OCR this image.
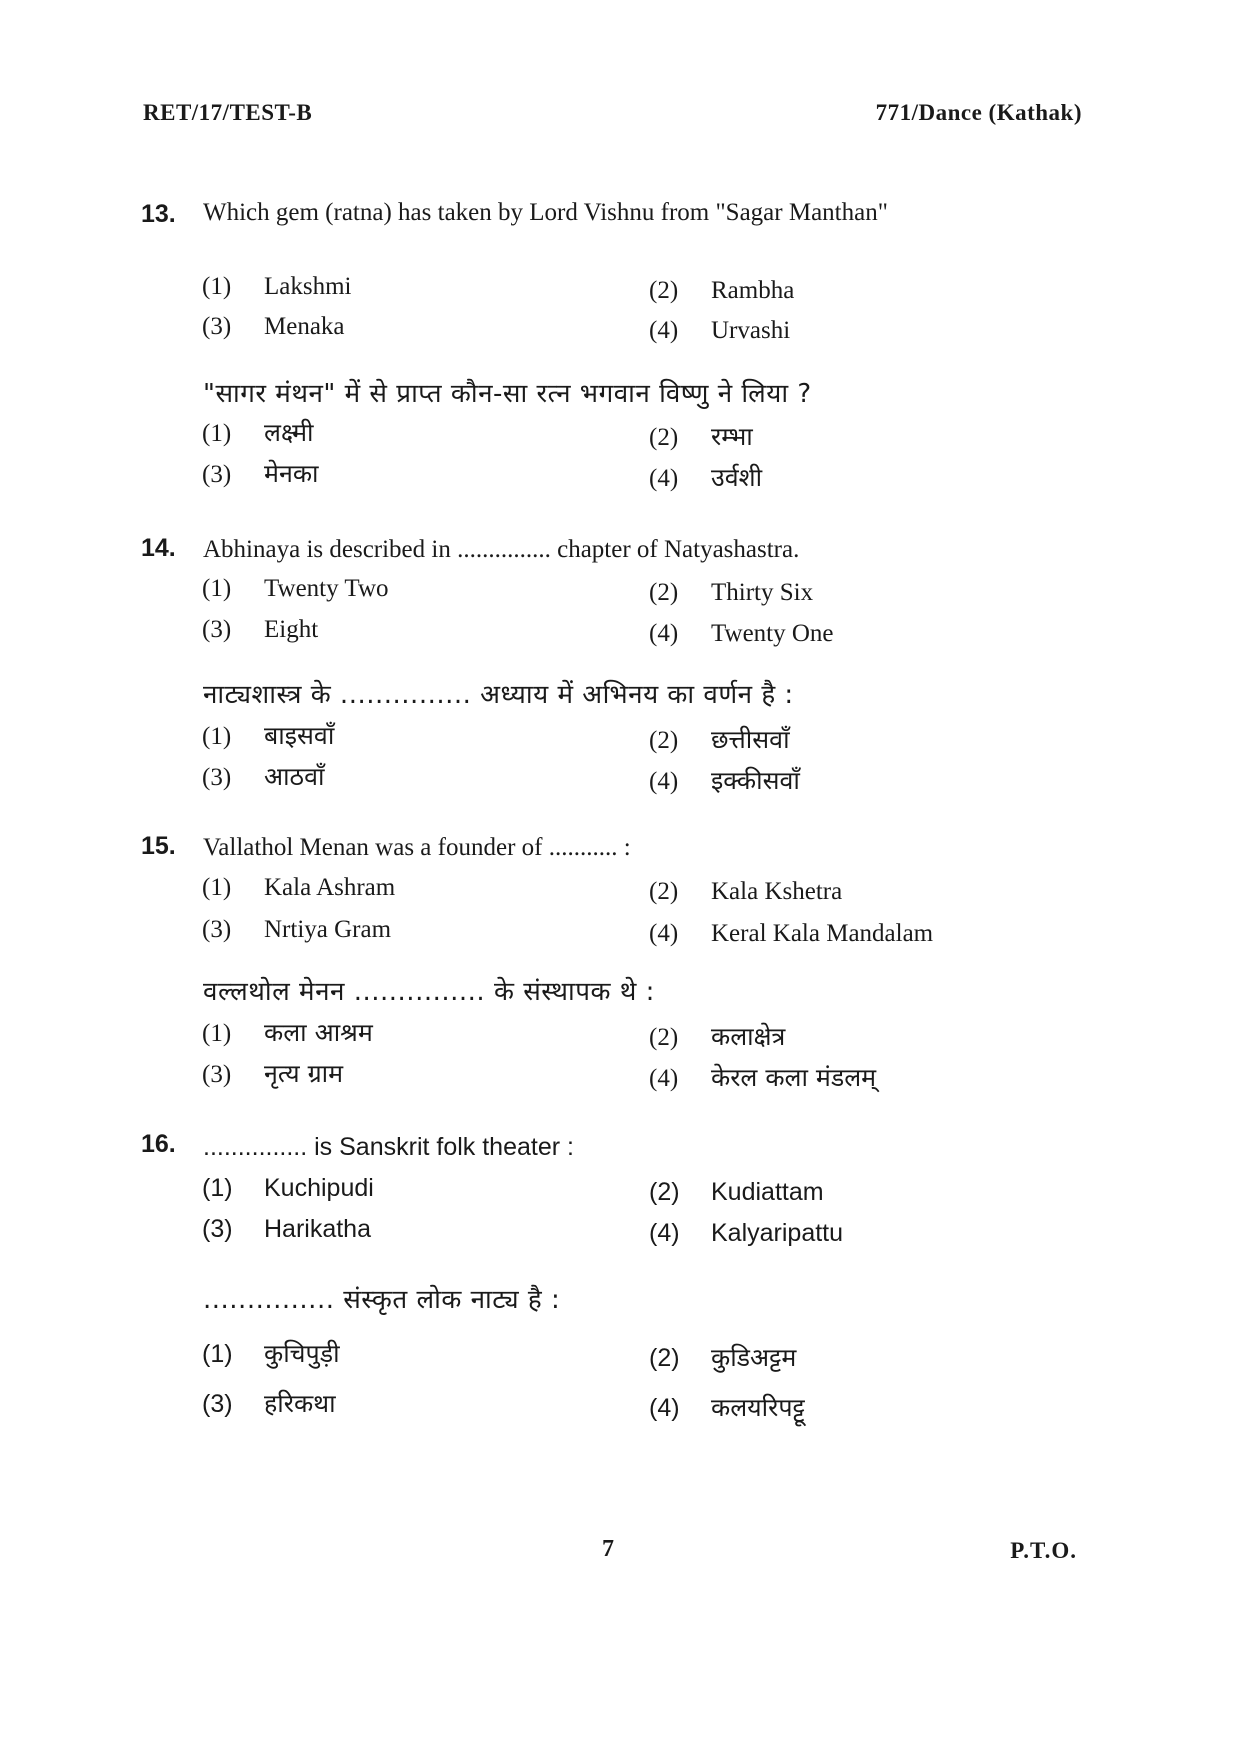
RET/17/TEST-B	771/Dance (Kathak)
13. Which gem (ratna) has taken by Lord Vishnu from "Sagar Manthan"
(1) Lakshmi	(2) Rambha
(3) Menaka	(4) Urvashi
"सागर मंथन" में से प्राप्त कौन-सा रत्न भगवान विष्णु ने लिया ?
(1) लक्ष्मी	(2) रम्भा
(3) मेनका	(4) उर्वशी
14. Abhinaya is described in ............... chapter of Natyashastra.
(1) Twenty Two	(2) Thirty Six
(3) Eight	(4) Twenty One
नाट्यशास्त्र के ............... अध्याय में अभिनय का वर्णन है :
(1) बाइसवाँ	(2) छत्तीसवाँ
(3) आठवाँ	(4) इक्कीसवाँ
15. Vallathol Menan was a founder of ........... :
(1) Kala Ashram	(2) Kala Kshetra
(3) Nrtiya Gram	(4) Keral Kala Mandalam
वल्लथोल मेनन ............... के संस्थापक थे :
(1) कला आश्रम	(2) कलाक्षेत्र
(3) नृत्य ग्राम	(4) केरल कला मंडलम्
16. ............... is Sanskrit folk theater :
(1) Kuchipudi	(2) Kudiattam
(3) Harikatha	(4) Kalyaripattu
............... संस्कृत लोक नाट्य है :
(1) कुचिपुड़ी	(2) कुडिअट्टम
(3) हरिकथा	(4) कलयरिपट्टू
7	P.T.O.
